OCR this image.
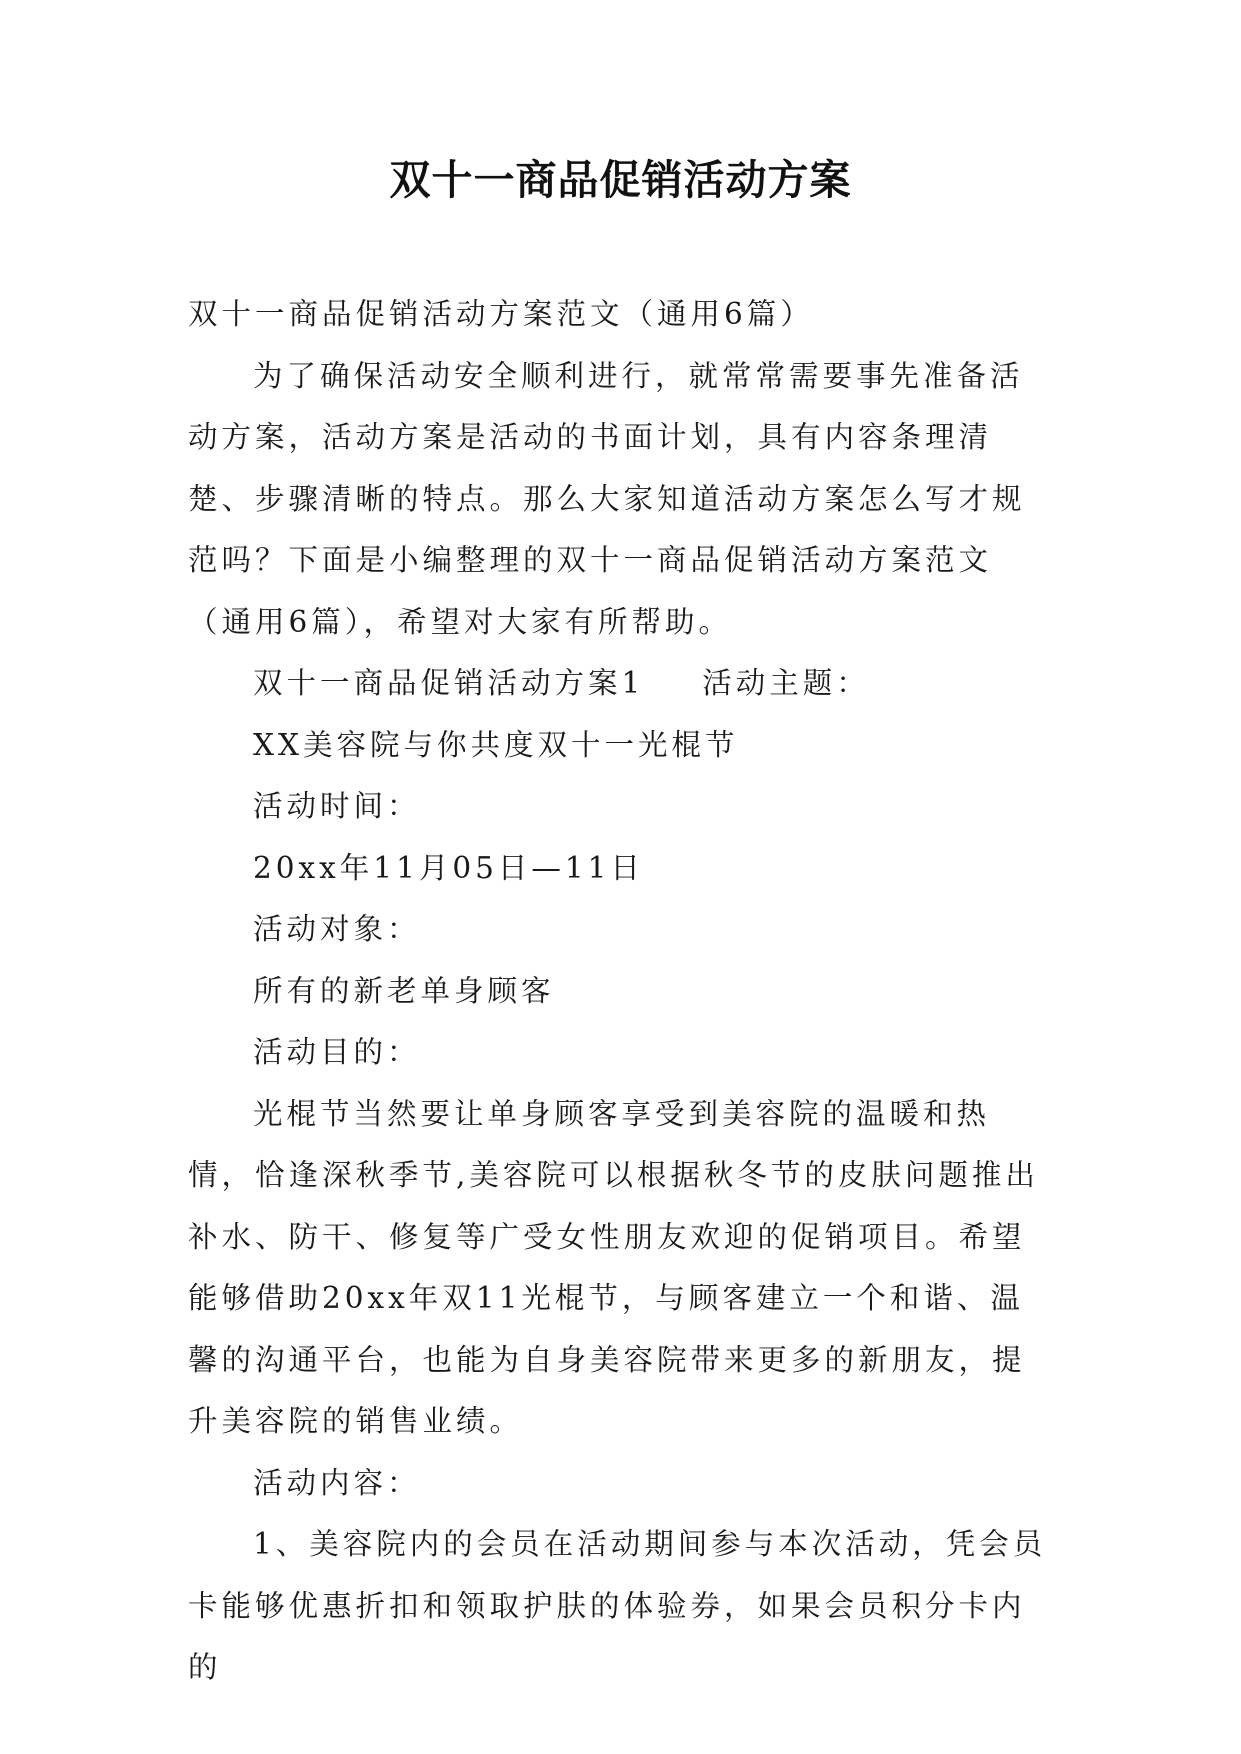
双十一商品促销活动方案

双十一商品促销活动方案范文（通用6篇）

为了确保活动安全顺利进行，就常常需要事先准备活动方案，活动方案是活动的书面计划，具有内容条理清楚、步骤清晰的特点。那么大家知道活动方案怎么写才规范吗？下面是小编整理的双十一商品促销活动方案范文（通用6篇），希望对大家有所帮助。

双十一商品促销活动方案1 活动主题：

XX美容院与你共度双十一光棍节

活动时间：

20xx年11月05日—11日

活动对象：

所有的新老单身顾客

活动目的：

光棍节当然要让单身顾客享受到美容院的温暖和热情，恰逢深秋季节,美容院可以根据秋冬节的皮肤问题推出补水、防干、修复等广受女性朋友欢迎的促销项目。希望能够借助20xx年双11光棍节，与顾客建立一个和谐、温馨的沟通平台，也能为自身美容院带来更多的新朋友，提升美容院的销售业绩。

活动内容：

1、美容院内的会员在活动期间参与本次活动，凭会员卡能够优惠折扣和领取护肤的体验券，如果会员积分卡内的
